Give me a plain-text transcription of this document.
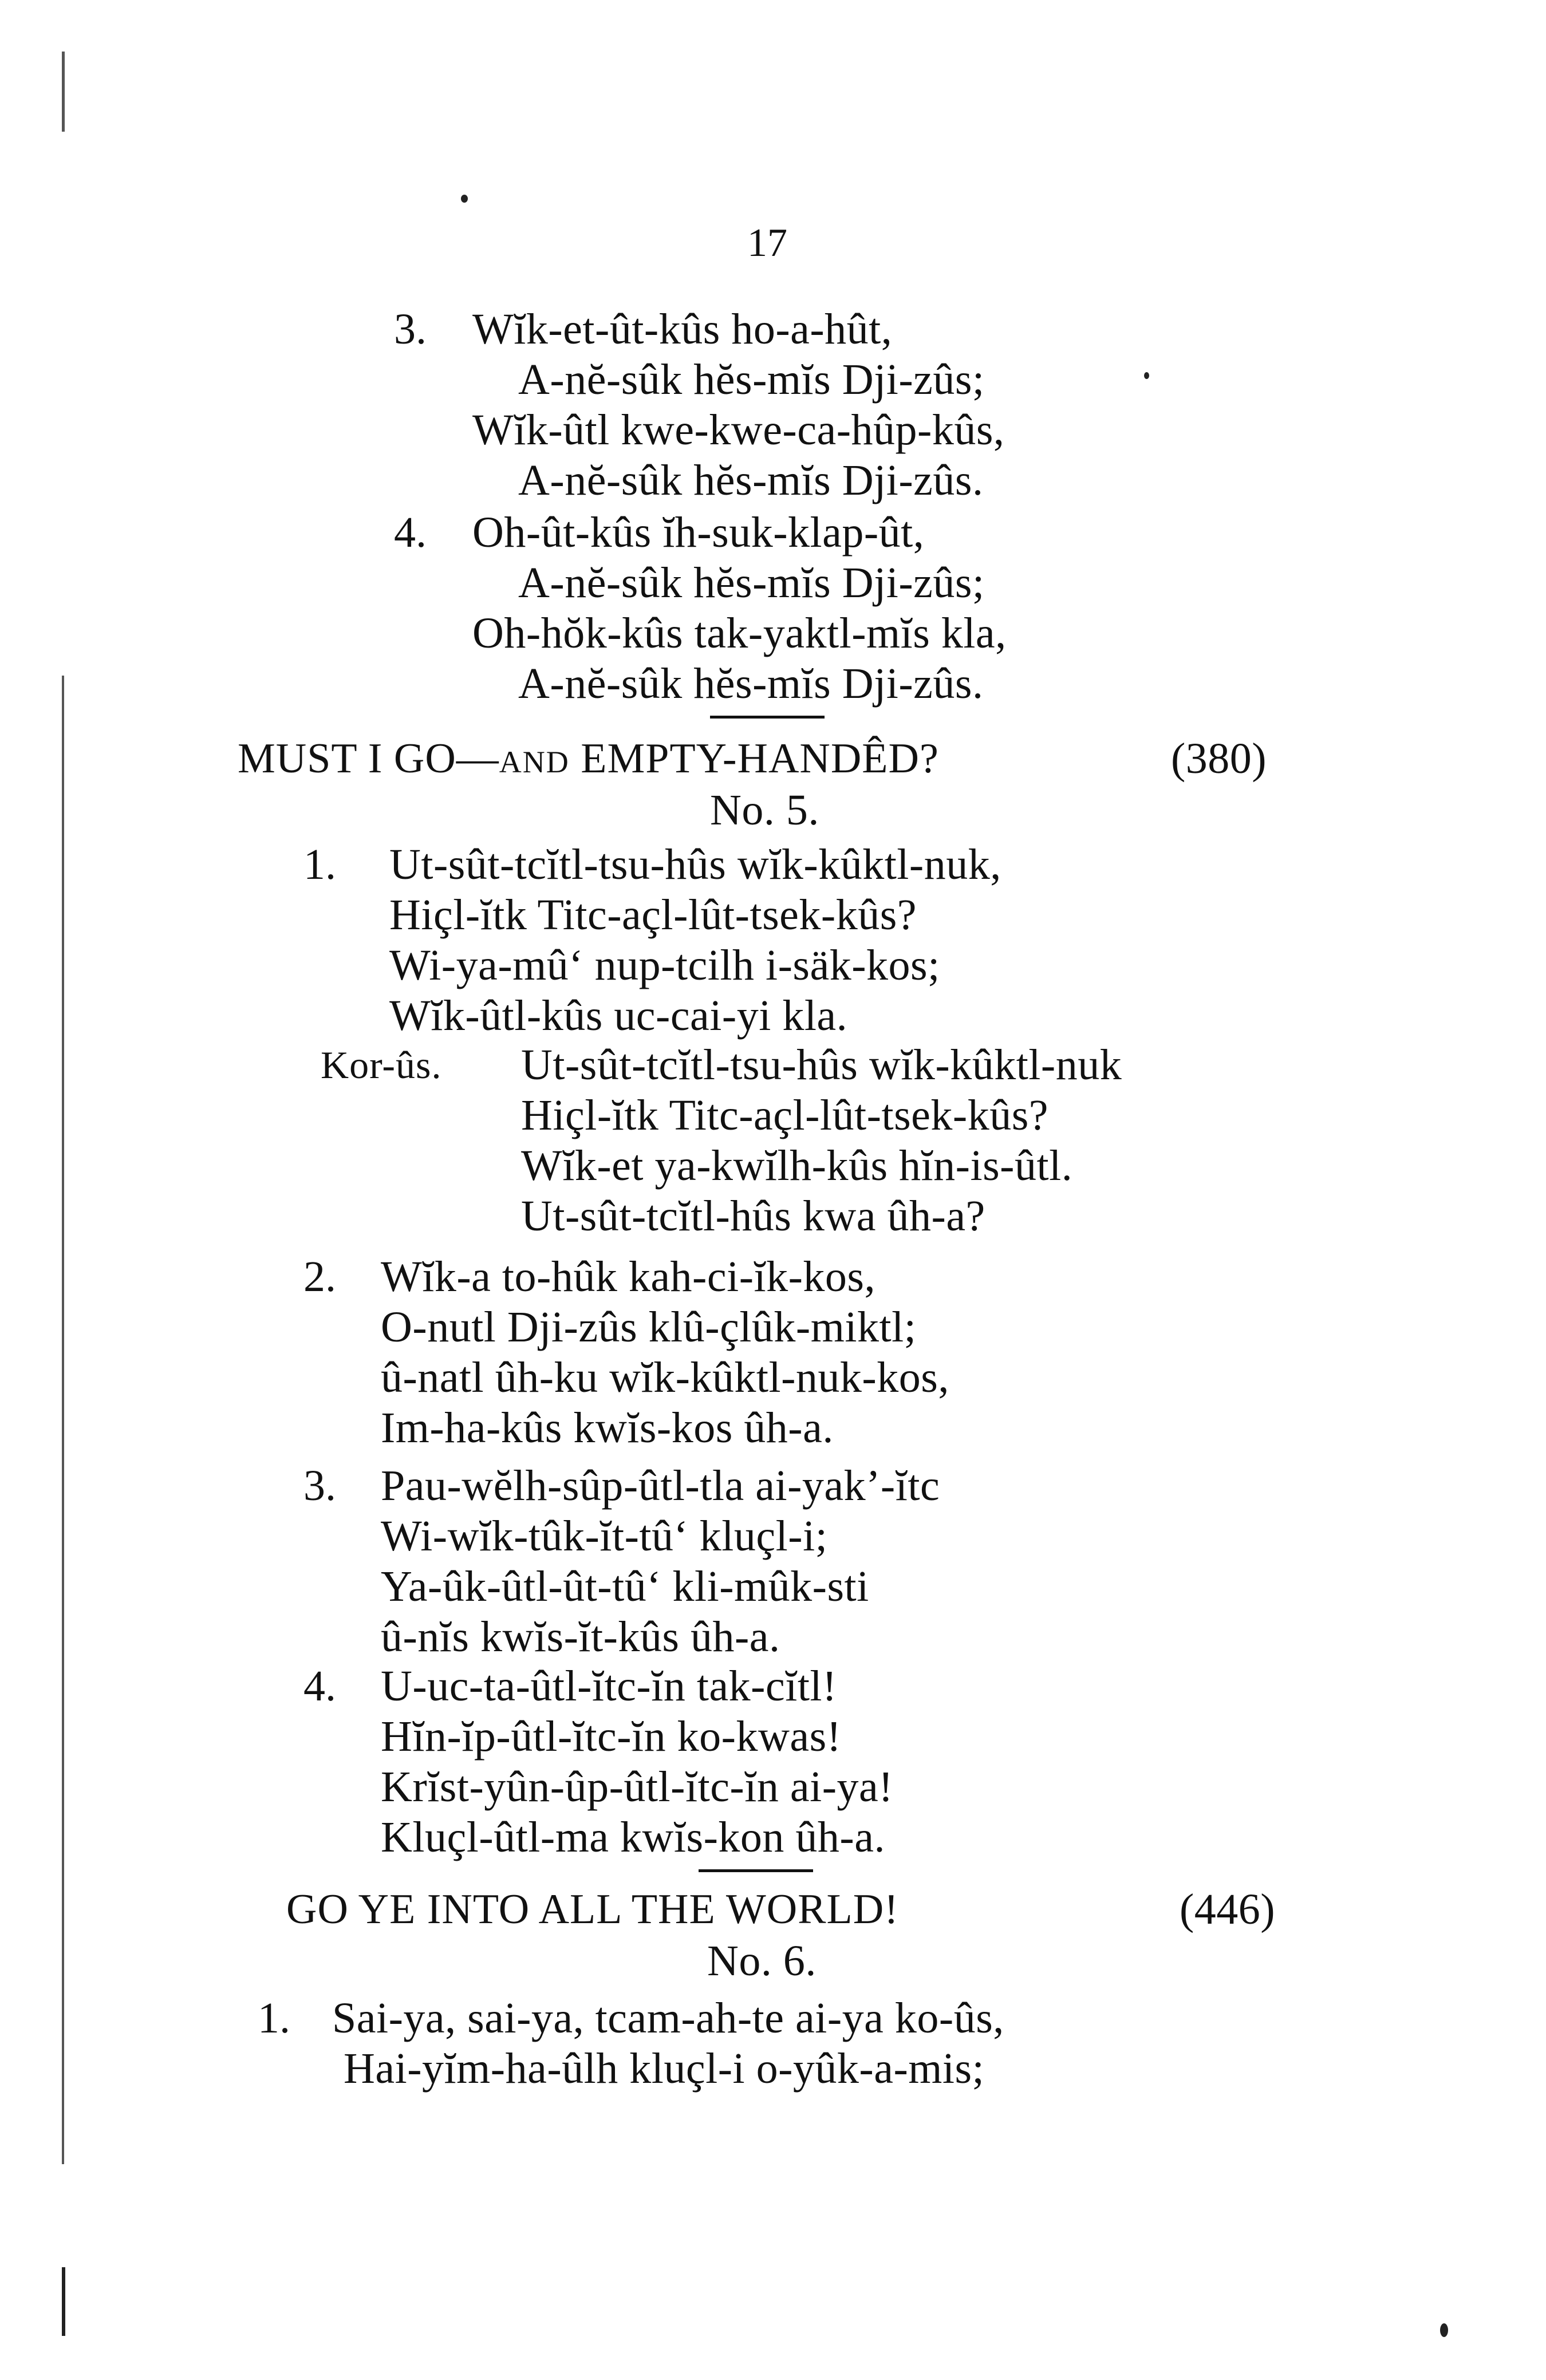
17
3. Wĭk-et-ût-kûs ho-a-hût,
A-nĕ-sûk hĕs-mĭs Dji-zûs;
Wĭk-ûtl kwe-kwe-ca-hûp-kûs,
A-nĕ-sûk hĕs-mĭs Dji-zûs.
4. Oh-ût-kûs ĭh-suk-klap-ût,
A-nĕ-sûk hĕs-mĭs Dji-zûs;
Oh-hŏk-kûs tak-yaktl-mĭs kla,
A-nĕ-sûk hĕs-mĭs Dji-zûs.
MUST I GO—AND EMPTY-HANDÊD?	(380)
No. 5.
1. Ut-sût-tcĭtl-tsu-hûs wĭk-kûktl-nuk,
Hiçl-ĭtk Titc-açl-lût-tsek-kûs?
Wi-ya-mû‘ nup-tcilh i-säk-kos;
Wĭk-ûtl-kûs uc-cai-yi kla.
Kor-ûs. Ut-sût-tcĭtl-tsu-hûs wĭk-kûktl-nuk
Hiçl-ĭtk Titc-açl-lût-tsek-kûs?
Wĭk-et ya-kwĭlh-kûs hĭn-is-ûtl.
Ut-sût-tcĭtl-hûs kwa ûh-a?
2. Wĭk-a to-hûk kah-ci-ĭk-kos,
O-nutl Dji-zûs klû-çlûk-miktl;
û-natl ûh-ku wĭk-kûktl-nuk-kos,
Im-ha-kûs kwĭs-kos ûh-a.
3. Pau-wĕlh-sûp-ûtl-tla ai-yak’-ĭtc
Wi-wĭk-tûk-ĭt-tû‘ kluçl-i;
Ya-ûk-ûtl-ût-tû‘ kli-mûk-sti
û-nĭs kwĭs-ĭt-kûs ûh-a.
4. U-uc-ta-ûtl-ĭtc-ĭn tak-cĭtl!
Hĭn-ĭp-ûtl-ĭtc-ĭn ko-kwas!
Krĭst-yûn-ûp-ûtl-ĭtc-ĭn ai-ya!
Kluçl-ûtl-ma kwĭs-kon ûh-a.
GO YE INTO ALL THE WORLD!	(446)
No. 6.
1. Sai-ya, sai-ya, tcam-ah-te ai-ya ko-ûs,
Hai-yĭm-ha-ûlh kluçl-i o-yûk-a-mis;
